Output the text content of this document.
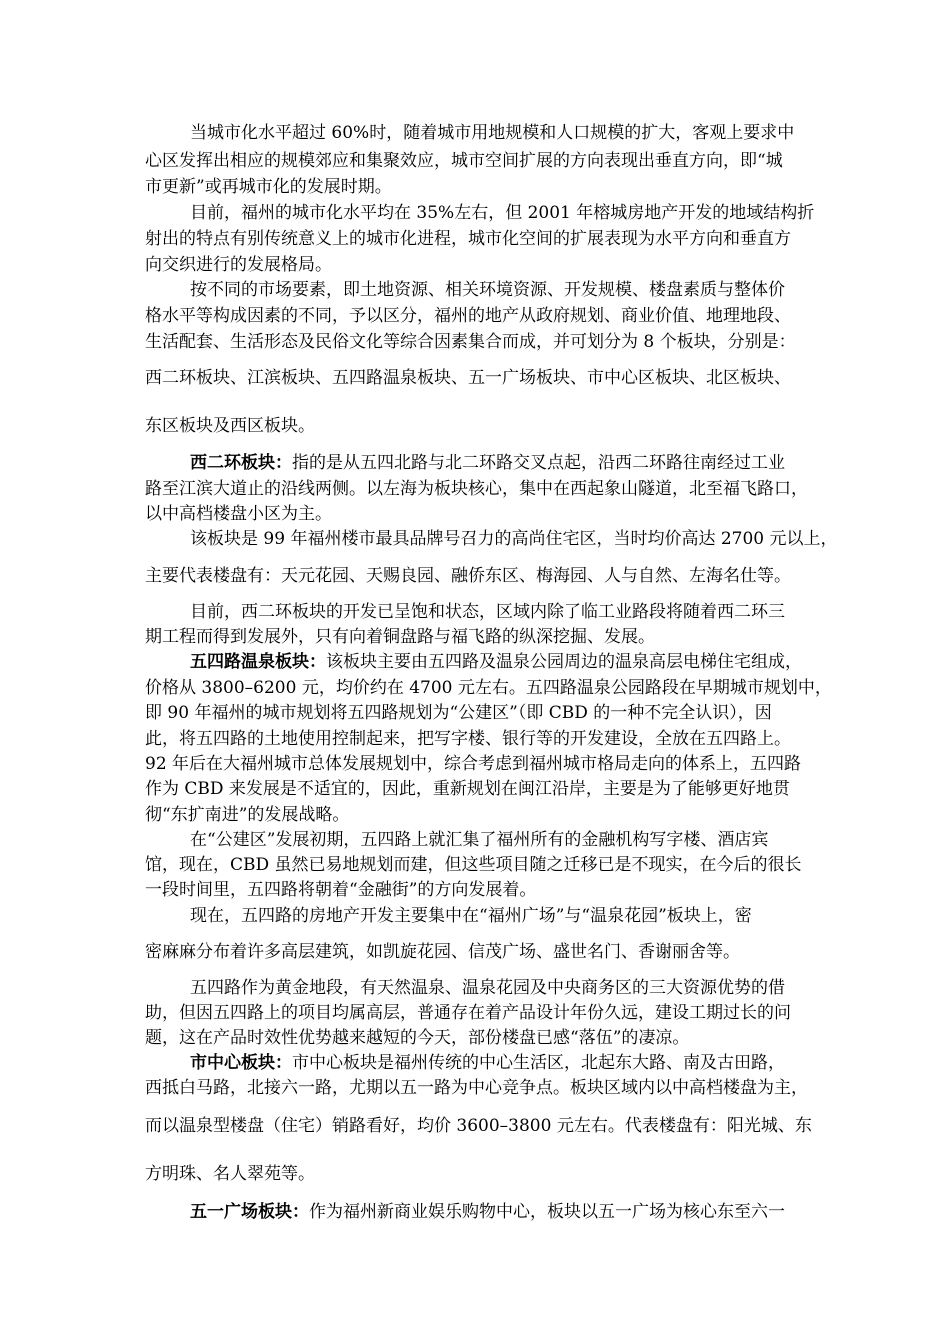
当城市化水平超过 60%时，随着城市用地规模和人口规模的扩大，客观上要求中
心区发挥出相应的规模郊应和集聚效应，城市空间扩展的方向表现出垂直方向，即“城
市更新”或再城市化的发展时期。
目前，福州的城市化水平均在 35%左右，但 2001 年榕城房地产开发的地域结构折
射出的特点有别传统意义上的城市化进程，城市化空间的扩展表现为水平方向和垂直方
向交织进行的发展格局。
按不同的市场要素，即土地资源、相关环境资源、开发规模、楼盘素质与整体价
格水平等构成因素的不同，予以区分，福州的地产从政府规划、商业价值、地理地段、
生活配套、生活形态及民俗文化等综合因素集合而成，并可划分为 8 个板块，分别是：
西二环板块、江滨板块、五四路温泉板块、五一广场板块、市中心区板块、北区板块、
东区板块及西区板块。
西二环板块：指的是从五四北路与北二环路交叉点起，沿西二环路往南经过工业
路至江滨大道止的沿线两侧。以左海为板块核心，集中在西起象山隧道，北至福飞路口，
以中高档楼盘小区为主。
该板块是 99 年福州楼市最具品牌号召力的高尚住宅区，当时均价高达 2700 元以上，
主要代表楼盘有：天元花园、天赐良园、融侨东区、梅海园、人与自然、左海名仕等。
目前，西二环板块的开发已呈饱和状态，区域内除了临工业路段将随着西二环三
期工程而得到发展外，只有向着铜盘路与福飞路的纵深挖掘、发展。
五四路温泉板块：该板块主要由五四路及温泉公园周边的温泉高层电梯住宅组成，
价格从 3800–6200 元，均价约在 4700 元左右。五四路温泉公园路段在早期城市规划中，
即 90 年福州的城市规划将五四路规划为“公建区”（即 CBD 的一种不完全认识），因
此，将五四路的土地使用控制起来，把写字楼、银行等的开发建设，全放在五四路上。
92 年后在大福州城市总体发展规划中，综合考虑到福州城市格局走向的体系上，五四路
作为 CBD 来发展是不适宜的，因此，重新规划在闽江沿岸，主要是为了能够更好地贯
彻“东扩南进”的发展战略。
在“公建区”发展初期，五四路上就汇集了福州所有的金融机构写字楼、酒店宾
馆，现在，CBD 虽然已易地规划而建，但这些项目随之迁移已是不现实，在今后的很长
一段时间里，五四路将朝着“金融街”的方向发展着。
现在，五四路的房地产开发主要集中在“福州广场”与“温泉花园”板块上，密
密麻麻分布着许多高层建筑，如凯旋花园、信茂广场、盛世名门、香谢丽舍等。
五四路作为黄金地段，有天然温泉、温泉花园及中央商务区的三大资源优势的借
助，但因五四路上的项目均属高层，普通存在着产品设计年份久远，建设工期过长的问
题，这在产品时效性优势越来越短的今天，部份楼盘已感“落伍”的凄凉。
市中心板块：市中心板块是福州传统的中心生活区，北起东大路、南及古田路，
西抵白马路，北接六一路，尤期以五一路为中心竞争点。板块区域内以中高档楼盘为主，
而以温泉型楼盘（住宅）销路看好，均价 3600–3800 元左右。代表楼盘有：阳光城、东
方明珠、名人翠苑等。
五一广场板块：作为福州新商业娱乐购物中心，板块以五一广场为核心东至六一
